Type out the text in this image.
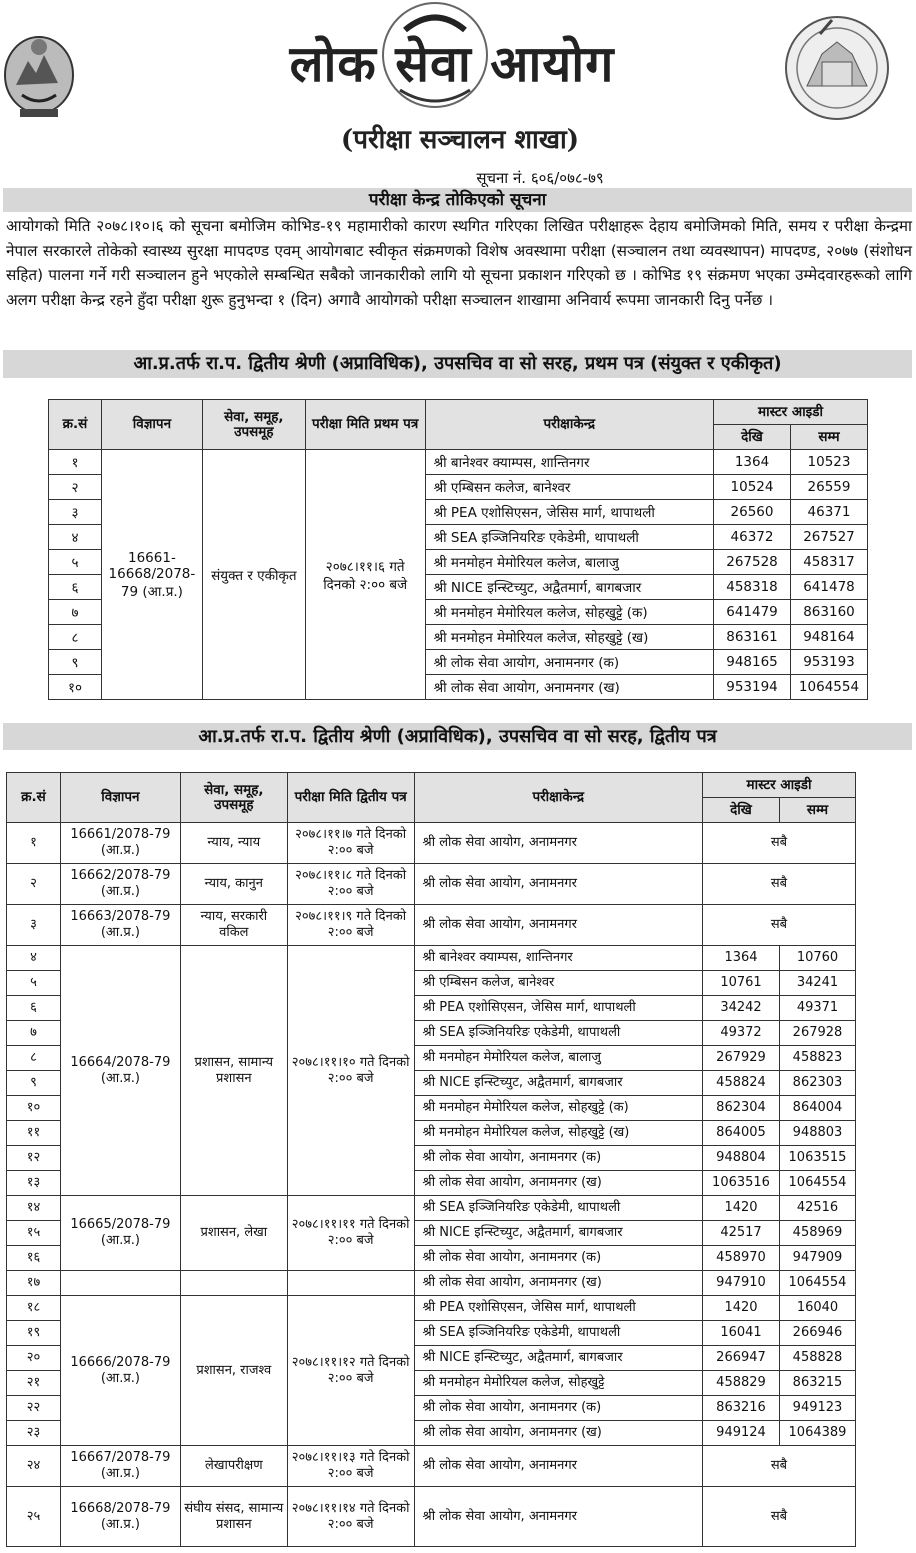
लोक सेवा आयोग
(परीक्षा सञ्चालन शाखा)
सूचना नं. ६०६/०७८-७९
परीक्षा केन्द्र तोकिएको सूचना
आयोगको मिति २०७८।१०।६ को सूचना बमोजिम कोभिड-१९ महामारीको कारण स्थगित गरिएका लिखित परीक्षाहरू देहाय बमोजिमको मिति, समय र परीक्षा केन्द्रमा नेपाल सरकारले तोकेको स्वास्थ्य सुरक्षा मापदण्ड एवम् आयोगबाट स्वीकृत संक्रमणको विशेष अवस्थामा परीक्षा (सञ्चालन तथा व्यवस्थापन) मापदण्ड, २०७७ (संशोधन सहित) पालना गर्ने गरी सञ्चालन हुने भएकोले सम्बन्धित सबैको जानकारीको लागि यो सूचना प्रकाशन गरिएको छ । कोभिड १९ संक्रमण भएका उम्मेदवारहरूको लागि अलग परीक्षा केन्द्र रहने हुँदा परीक्षा शुरू हुनुभन्दा १ (दिन) अगावै आयोगको परीक्षा सञ्चालन शाखामा अनिवार्य रूपमा जानकारी दिनु पर्नेछ ।
आ.प्र.तर्फ रा.प. द्वितीय श्रेणी (अप्राविधिक), उपसचिव वा सो सरह, प्रथम पत्र (संयुक्त र एकीकृत)
क्र.सं	विज्ञापन	सेवा, समूह, उपसमूह	परीक्षा मिति प्रथम पत्र	परीक्षाकेन्द्र	मास्टर आइडी	
					देखि	सम्म
१	16661-16668/2078-79 (आ.प्र.)	संयुक्त र एकीकृत	२०७८।११।६ गते दिनको २:०० बजे	श्री बानेश्वर क्याम्पस, शान्तिनगर	1364	10523
२				श्री एम्बिसन कलेज, बानेश्वर	10524	26559
३				श्री PEA एशोसिएसन, जेसिस मार्ग, थापाथली	26560	46371
४				श्री SEA इञ्जिनियरिङ एकेडेमी, थापाथली	46372	267527
५				श्री मनमोहन मेमोरियल कलेज, बालाजु	267528	458317
६				श्री NICE इन्स्टिच्युट, अद्वैतमार्ग, बागबजार	458318	641478
७				श्री मनमोहन मेमोरियल कलेज, सोहखुट्टे (क)	641479	863160
८				श्री मनमोहन मेमोरियल कलेज, सोहखुट्टे (ख)	863161	948164
९				श्री लोक सेवा आयोग, अनामनगर (क)	948165	953193
१०				श्री लोक सेवा आयोग, अनामनगर (ख)	953194	1064554
आ.प्र.तर्फ रा.प. द्वितीय श्रेणी (अप्राविधिक), उपसचिव वा सो सरह, द्वितीय पत्र
क्र.सं	विज्ञापन	सेवा, समूह, उपसमूह	परीक्षा मिति द्वितीय पत्र	परीक्षाकेन्द्र	मास्टर आइडी	
					देखि	सम्म
१	16661/2078-79 (आ.प्र.)	न्याय, न्याय	२०७८।११।७ गते दिनको २:०० बजे	श्री लोक सेवा आयोग, अनामनगर	सबै	
२	16662/2078-79 (आ.प्र.)	न्याय, कानुन	२०७८।११।८ गते दिनको २:०० बजे	श्री लोक सेवा आयोग, अनामनगर	सबै	
३	16663/2078-79 (आ.प्र.)	न्याय, सरकारी वकिल	२०७८।११।९ गते दिनको २:०० बजे	श्री लोक सेवा आयोग, अनामनगर	सबै	
४	16664/2078-79 (आ.प्र.)	प्रशासन, सामान्य प्रशासन	२०७८।११।१० गते दिनको २:०० बजे	श्री बानेश्वर क्याम्पस, शान्तिनगर	1364	10760
५				श्री एम्बिसन कलेज, बानेश्वर	10761	34241
६				श्री PEA एशोसिएसन, जेसिस मार्ग, थापाथली	34242	49371
७				श्री SEA इञ्जिनियरिङ एकेडेमी, थापाथली	49372	267928
८				श्री मनमोहन मेमोरियल कलेज, बालाजु	267929	458823
९				श्री NICE इन्स्टिच्युट, अद्वैतमार्ग, बागबजार	458824	862303
१०				श्री मनमोहन मेमोरियल कलेज, सोहखुट्टे (क)	862304	864004
११				श्री मनमोहन मेमोरियल कलेज, सोहखुट्टे (ख)	864005	948803
१२				श्री लोक सेवा आयोग, अनामनगर (क)	948804	1063515
१३				श्री लोक सेवा आयोग, अनामनगर (ख)	1063516	1064554
१४	16665/2078-79 (आ.प्र.)	प्रशासन, लेखा	२०७८।११।११ गते दिनको २:०० बजे	श्री SEA इञ्जिनियरिङ एकेडेमी, थापाथली	1420	42516
१५				श्री NICE इन्स्टिच्युट, अद्वैतमार्ग, बागबजार	42517	458969
१६				श्री लोक सेवा आयोग, अनामनगर (क)	458970	947909
१७				श्री लोक सेवा आयोग, अनामनगर (ख)	947910	1064554
१८	16666/2078-79 (आ.प्र.)	प्रशासन, राजश्व	२०७८।११।१२ गते दिनको २:०० बजे	श्री PEA एशोसिएसन, जेसिस मार्ग, थापाथली	1420	16040
१९				श्री SEA इञ्जिनियरिङ एकेडेमी, थापाथली	16041	266946
२०				श्री NICE इन्स्टिच्युट, अद्वैतमार्ग, बागबजार	266947	458828
२१				श्री मनमोहन मेमोरियल कलेज, सोहखुट्टे	458829	863215
२२				श्री लोक सेवा आयोग, अनामनगर (क)	863216	949123
२३				श्री लोक सेवा आयोग, अनामनगर (ख)	949124	1064389
२४	16667/2078-79 (आ.प्र.)	लेखापरीक्षण	२०७८।११।१३ गते दिनको २:०० बजे	श्री लोक सेवा आयोग, अनामनगर	सबै	
२५	16668/2078-79 (आ.प्र.)	संघीय संसद, सामान्य प्रशासन	२०७८।११।१४ गते दिनको २:०० बजे	श्री लोक सेवा आयोग, अनामनगर	सबै	
